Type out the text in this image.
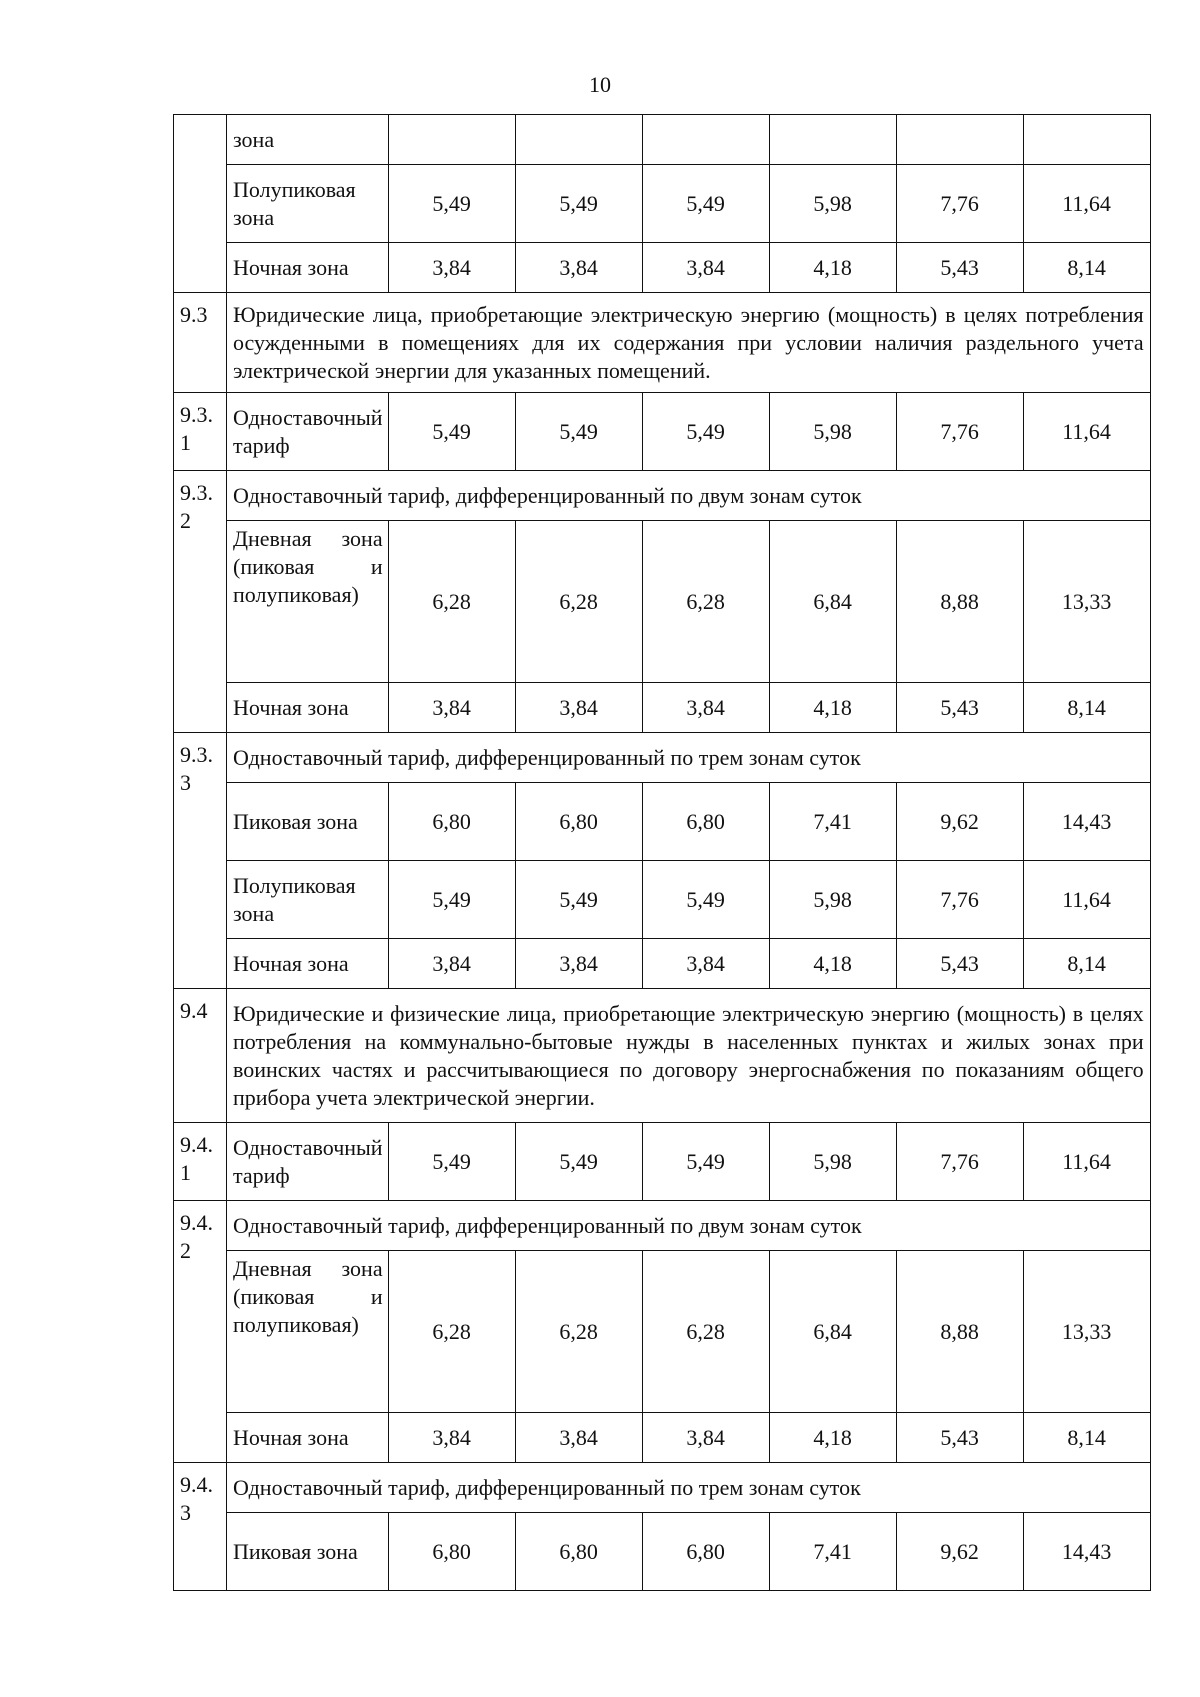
10
	зона						
	Полупиковая зона	5,49	5,49	5,49	5,98	7,76	11,64
	Ночная зона	3,84	3,84	3,84	4,18	5,43	8,14
9.3	Юридические лица, приобретающие электрическую энергию (мощность) в целях потребления осужденными в помещениях для их содержания при условии наличия раздельного учета электрической энергии для указанных помещений.						
9.3.1	Одноставочный тариф	5,49	5,49	5,49	5,98	7,76	11,64
9.3.2	Одноставочный тариф, дифференцированный по двум зонам суток						
	Дневная зона (пиковая и полупиковая)	6,28	6,28	6,28	6,84	8,88	13,33
	Ночная зона	3,84	3,84	3,84	4,18	5,43	8,14
9.3.3	Одноставочный тариф, дифференцированный по трем зонам суток						
	Пиковая зона	6,80	6,80	6,80	7,41	9,62	14,43
	Полупиковая зона	5,49	5,49	5,49	5,98	7,76	11,64
	Ночная зона	3,84	3,84	3,84	4,18	5,43	8,14
9.4	Юридические и физические лица, приобретающие электрическую энергию (мощность) в целях потребления на коммунально-бытовые нужды в населенных пунктах и жилых зонах при воинских частях и рассчитывающиеся по договору энергоснабжения по показаниям общего прибора учета электрической энергии.						
9.4.1	Одноставочный тариф	5,49	5,49	5,49	5,98	7,76	11,64
9.4.2	Одноставочный тариф, дифференцированный по двум зонам суток						
	Дневная зона (пиковая и полупиковая)	6,28	6,28	6,28	6,84	8,88	13,33
	Ночная зона	3,84	3,84	3,84	4,18	5,43	8,14
9.4.3	Одноставочный тариф, дифференцированный по трем зонам суток						
	Пиковая зона	6,80	6,80	6,80	7,41	9,62	14,43
